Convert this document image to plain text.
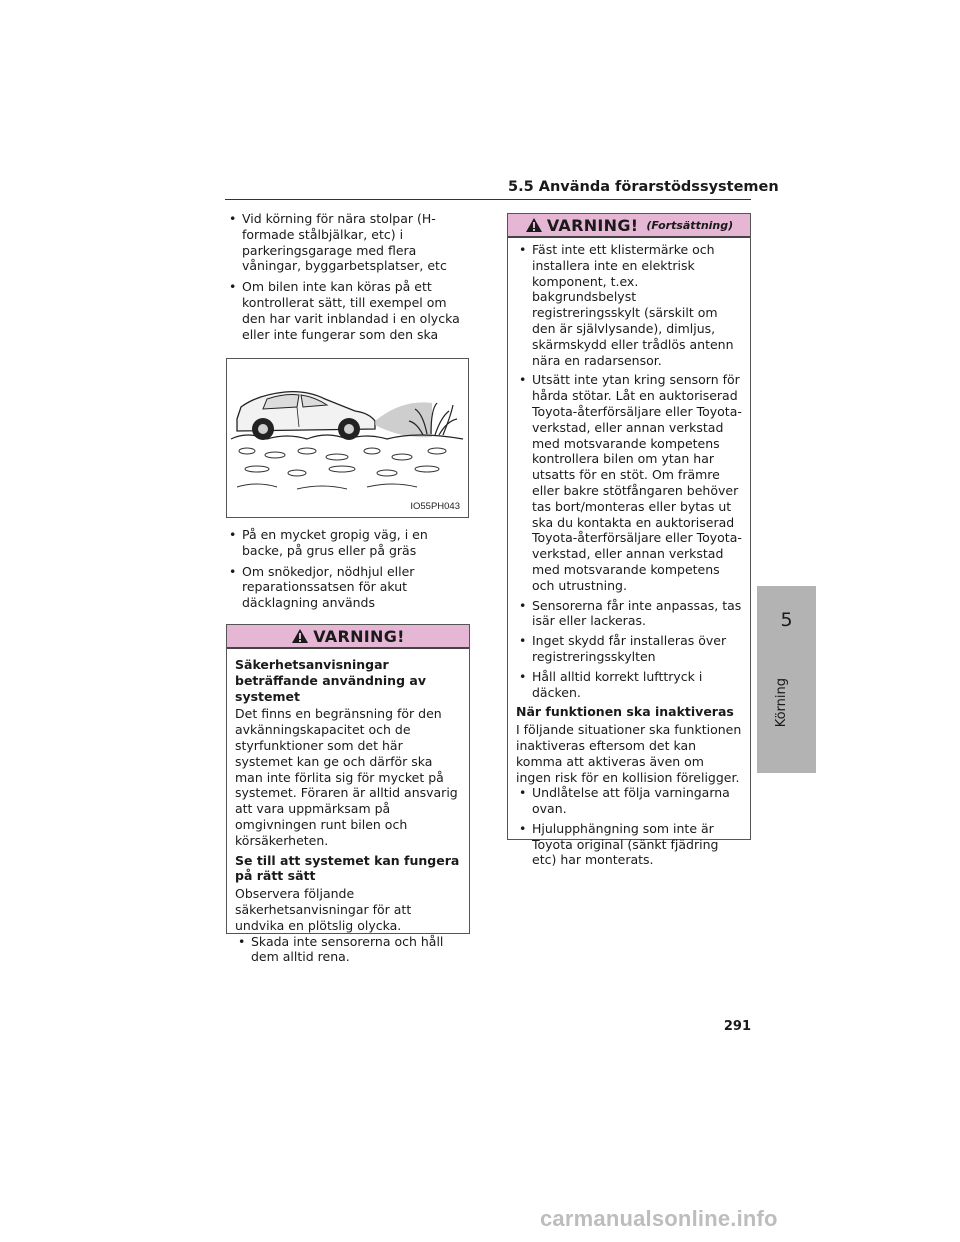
5.5 Använda förarstödssystemen
• Vid körning för nära stolpar (H-formade stålbjälkar, etc) i parkeringsgarage med flera våningar, byggarbetsplatser, etc
• Om bilen inte kan köras på ett kontrollerat sätt, till exempel om den har varit inblandad i en olycka eller inte fungerar som den ska
IO55PH043
• På en mycket gropig väg, i en backe, på grus eller på gräs
• Om snökedjor, nödhjul eller reparationssatsen för akut däcklagning används
VARNING!

Säkerhetsanvisningar beträffande användning av systemet

Det finns en begränsning för den avkänningskapacitet och de styrfunktioner som det här systemet kan ge och därför ska man inte förlita sig för mycket på systemet. Föraren är alltid ansvarig att vara uppmärksam på omgivningen runt bilen och körsäkerheten.

Se till att systemet kan fungera på rätt sätt

Observera följande säkerhetsanvisningar för att undvika en plötslig olycka.

• Skada inte sensorerna och håll dem alltid rena.
VARNING! (Fortsättning)
• Fäst inte ett klistermärke och installera inte en elektrisk komponent, t.ex. bakgrundsbelyst registreringsskylt (särskilt om den är självlysande), dimljus, skärmskydd eller trådlös antenn nära en radarsensor.
• Utsätt inte ytan kring sensorn för hårda stötar. Låt en auktoriserad Toyota-återförsäljare eller Toyota-verkstad, eller annan verkstad med motsvarande kompetens kontrollera bilen om ytan har utsatts för en stöt. Om främre eller bakre stötfångaren behöver tas bort/monteras eller bytas ut ska du kontakta en auktoriserad Toyota-återförsäljare eller Toyota-verkstad, eller annan verkstad med motsvarande kompetens och utrustning.
• Sensorerna får inte anpassas, tas isär eller lackeras.
• Inget skydd får installeras över registreringsskylten
• Håll alltid korrekt lufttryck i däcken.

När funktionen ska inaktiveras

I följande situationer ska funktionen inaktiveras eftersom det kan komma att aktiveras även om ingen risk för en kollision föreligger.

• Undlåtelse att följa varningarna ovan.
• Hjulupphängning som inte är Toyota original (sänkt fjädring etc) har monterats.
5
Körning
291
carmanualsonline.info
